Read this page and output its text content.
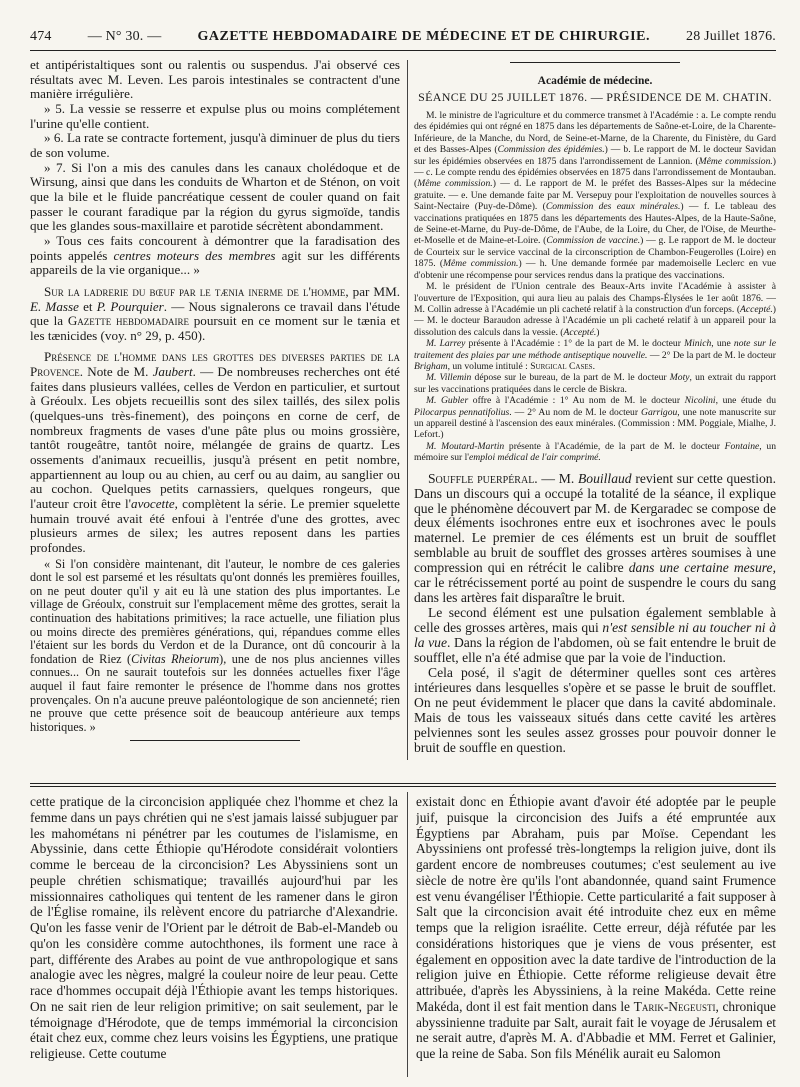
474	— N° 30. —	GAZETTE HEBDOMADAIRE DE MÉDECINE ET DE CHIRURGIE.	28 Juillet 1876.

et antipéristaltiques sont ou ralentis ou suspendus. J'ai observé ces résultats avec M. Leven. Les parois intestinales se contractent d'une manière irrégulière.

» 5. La vessie se resserre et expulse plus ou moins complétement l'urine qu'elle contient.

» 6. La rate se contracte fortement, jusqu'à diminuer de plus du tiers de son volume.

» 7. Si l'on a mis des canules dans les canaux cholédoque et de Wirsung, ainsi que dans les conduits de Wharton et de Sténon, on voit que la bile et le fluide pancréatique cessent de couler quand on fait passer le courant faradique par la région du gyrus sigmoïde, tandis que les glandes sous-maxillaire et parotide sécrètent abondamment.

» Tous ces faits concourent à démontrer que la faradisation des points appelés centres moteurs des membres agit sur les différents appareils de la vie organique... »

Sur la ladrerie du bœuf par le tænia inerme de l'homme, par MM. E. Masse et P. Pourquier. — Nous signalerons ce travail dans l'étude que la Gazette hebdomadaire poursuit en ce moment sur le tænia et les tænicides (voy. n° 29, p. 450).

Présence de l'homme dans les grottes des diverses parties de la Provence. Note de M. Jaubert. — De nombreuses recherches ont été faites dans plusieurs vallées, celles de Verdon en particulier, et surtout à Gréoulx. Les objets recueillis sont des silex taillés, des silex polis (quelques-uns très-finement), des poinçons en corne de cerf, de nombreux fragments de vases d'une pâte plus ou moins grossière, tantôt rougeâtre, tantôt noire, mélangée de grains de quartz. Les ossements d'animaux recueillis, jusqu'à présent en petit nombre, appartiennent au loup ou au chien, au cerf ou au daim, au sanglier ou au cochon. Quelques petits carnassiers, quelques rongeurs, que l'auteur croit être l'avocette, complètent la série. Le premier squelette humain trouvé avait été enfoui à l'entrée d'une des grottes, avec plusieurs armes de silex; les autres reposent dans les parties profondes.

« Si l'on considère maintenant, dit l'auteur, le nombre de ces galeries dont le sol est parsemé et les résultats qu'ont donnés les premières fouilles, on ne peut douter qu'il y ait eu là une station des plus importantes. Le village de Gréoulx, construit sur l'emplacement même des grottes, serait la continuation des habitations primitives; la race actuelle, une filiation plus ou moins directe des premières générations, qui, répandues comme elles l'étaient sur les bords du Verdon et de la Durance, ont dû concourir à la fondation de Riez (Civitas Rheiorum), une de nos plus anciennes villes connues... On ne saurait toutefois sur les données actuelles fixer l'âge auquel il faut faire remonter le présence de l'homme dans nos grottes provençales. On n'a aucune preuve paléontologique de son ancienneté; rien ne prouve que cette présence soit de beaucoup antérieure aux temps historiques. »

Académie de médecine.
SÉANCE DU 25 JUILLET 1876. — PRÉSIDENCE DE M. CHATIN.

M. le ministre de l'agriculture et du commerce transmet à l'Académie : a. Le compte rendu des épidémies qui ont régné en 1875 dans les départements de Saône-et-Loire, de la Charente-Inférieure, de la Manche, du Nord, de Seine-et-Marne, de la Charente, du Finistère, du Gard et des Basses-Alpes (Commission des épidémies.) — b. Le rapport de M. le docteur Savidan sur les épidémies observées en 1875 dans l'arrondissement de Lannion. (Même commission.) — c. Le compte rendu des épidémies observées en 1875 dans l'arrondissement de Montauban. (Même commission.) — d. Le rapport de M. le préfet des Basses-Alpes sur la médecine gratuite. — e. Une demande faite par M. Versepuy pour l'exploitation de nouvelles sources à Saint-Nectaire (Puy-de-Dôme). (Commission des eaux minérales.) — f. Le tableau des vaccinations pratiquées en 1875 dans les départements des Hautes-Alpes, de la Haute-Saône, de Seine-et-Marne, du Puy-de-Dôme, de l'Aube, de la Loire, du Cher, de l'Oise, de Meurthe-et-Moselle et de Maine-et-Loire. (Commission de vaccine.) — g. Le rapport de M. le docteur de Courteix sur le service vaccinal de la circonscription de Chambon-Feugerolles (Loire) en 1875. (Même commission.) — h. Une demande formée par mademoiselle Leclerc en vue d'obtenir une récompense pour services rendus dans la pratique des vaccinations.

M. le président de l'Union centrale des Beaux-Arts invite l'Académie à assister à l'ouverture de l'Exposition, qui aura lieu au palais des Champs-Élysées le 1er août 1876. — M. Collin adresse à l'Académie un pli cacheté relatif à la construction d'un forceps. (Accepté.) — M. le docteur Baraudon adresse à l'Académie un pli cacheté relatif à un appareil pour la dissolution des calculs dans la vessie. (Accepté.)

M. Larrey présente à l'Académie : 1° de la part de M. le docteur Minich, une note sur le traitement des plaies par une méthode antiseptique nouvelle. — 2° De la part de M. le docteur Brigham, un volume intitulé : Surgical Cases.

M. Villemin dépose sur le bureau, de la part de M. le docteur Moty, un extrait du rapport sur les vaccinations pratiquées dans le cercle de Biskra.

M. Gubler offre à l'Académie : 1° Au nom de M. le docteur Nicolini, une étude du Pilocarpus pennatifolius. — 2° Au nom de M. le docteur Garrigou, une note manuscrite sur un appareil destiné à l'ascension des eaux minérales. (Commission : MM. Poggiale, Mialhe, J. Lefort.)

M. Moutard-Martin présente à l'Académie, de la part de M. le docteur Fontaine, un mémoire sur l'emploi médical de l'air comprimé.

Souffle puerpéral. — M. Bouillaud revient sur cette question. Dans un discours qui a occupé la totalité de la séance, il explique que le phénomène découvert par M. de Kergaradec se compose de deux éléments isochrones entre eux et isochrones avec le pouls maternel. Le premier de ces éléments est un bruit de soufflet semblable au bruit de soufflet des grosses artères soumises à une compression qui en rétrécit le calibre dans une certaine mesure, car le rétrécissement porté au point de suspendre le cours du sang dans les artères fait disparaître le bruit.

Le second élément est une pulsation également semblable à celle des grosses artères, mais qui n'est sensible ni au toucher ni à la vue. Dans la région de l'abdomen, où se fait entendre le bruit de soufflet, elle n'a été admise que par la voie de l'induction.

Cela posé, il s'agit de déterminer quelles sont ces artères intérieures dans lesquelles s'opère et se passe le bruit de soufflet. On ne peut évidemment le placer que dans la cavité abdominale. Mais de tous les vaisseaux situés dans cette cavité les artères pelviennes sont les seules assez grosses pour pouvoir donner le bruit de souffle en question.

cette pratique de la circoncision appliquée chez l'homme et chez la femme dans un pays chrétien qui ne s'est jamais laissé subjuguer par les mahométans ni pénétrer par les coutumes de l'islamisme, en Abyssinie, dans cette Éthiopie qu'Hérodote considérait volontiers comme le berceau de la circoncision? Les Abyssiniens sont un peuple chrétien schismatique; travaillés aujourd'hui par les missionnaires catholiques qui tentent de les ramener dans le giron de l'Église romaine, ils relèvent encore du patriarche d'Alexandrie. Qu'on les fasse venir de l'Orient par le détroit de Bab-el-Mandeb ou qu'on les considère comme autochthones, ils forment une race à part, différente des Arabes au point de vue anthropologique et sans analogie avec les nègres, malgré la couleur noire de leur peau. Cette race d'hommes occupait déjà l'Éthiopie avant les temps historiques. On ne sait rien de leur religion primitive; on sait seulement, par le témoignage d'Hérodote, que de temps immémorial la circoncision était chez eux, comme chez leurs voisins les Égyptiens, une pratique religieuse. Cette coutume

existait donc en Éthiopie avant d'avoir été adoptée par le peuple juif, puisque la circoncision des Juifs a été empruntée aux Égyptiens par Abraham, puis par Moïse. Cependant les Abyssiniens ont professé très-longtemps la religion juive, dont ils gardent encore de nombreuses coutumes; c'est seulement au ive siècle de notre ère qu'ils l'ont abandonnée, quand saint Frumence est venu évangéliser l'Éthiopie. Cette particularité a fait supposer à Salt que la circoncision avait été introduite chez eux en même temps que la religion israélite. Cette erreur, déjà réfutée par les considérations historiques que je viens de vous présenter, est également en opposition avec la date tardive de l'introduction de la religion juive en Éthiopie. Cette réforme religieuse devait être attribuée, d'après les Abyssiniens, à la reine Makéda. Cette reine Makéda, dont il est fait mention dans le Tarik-Negeusti, chronique abyssinienne traduite par Salt, aurait fait le voyage de Jérusalem et ne serait autre, d'après M. A. d'Abbadie et MM. Ferret et Galinier, que la reine de Saba. Son fils Ménélik aurait eu Salomon
